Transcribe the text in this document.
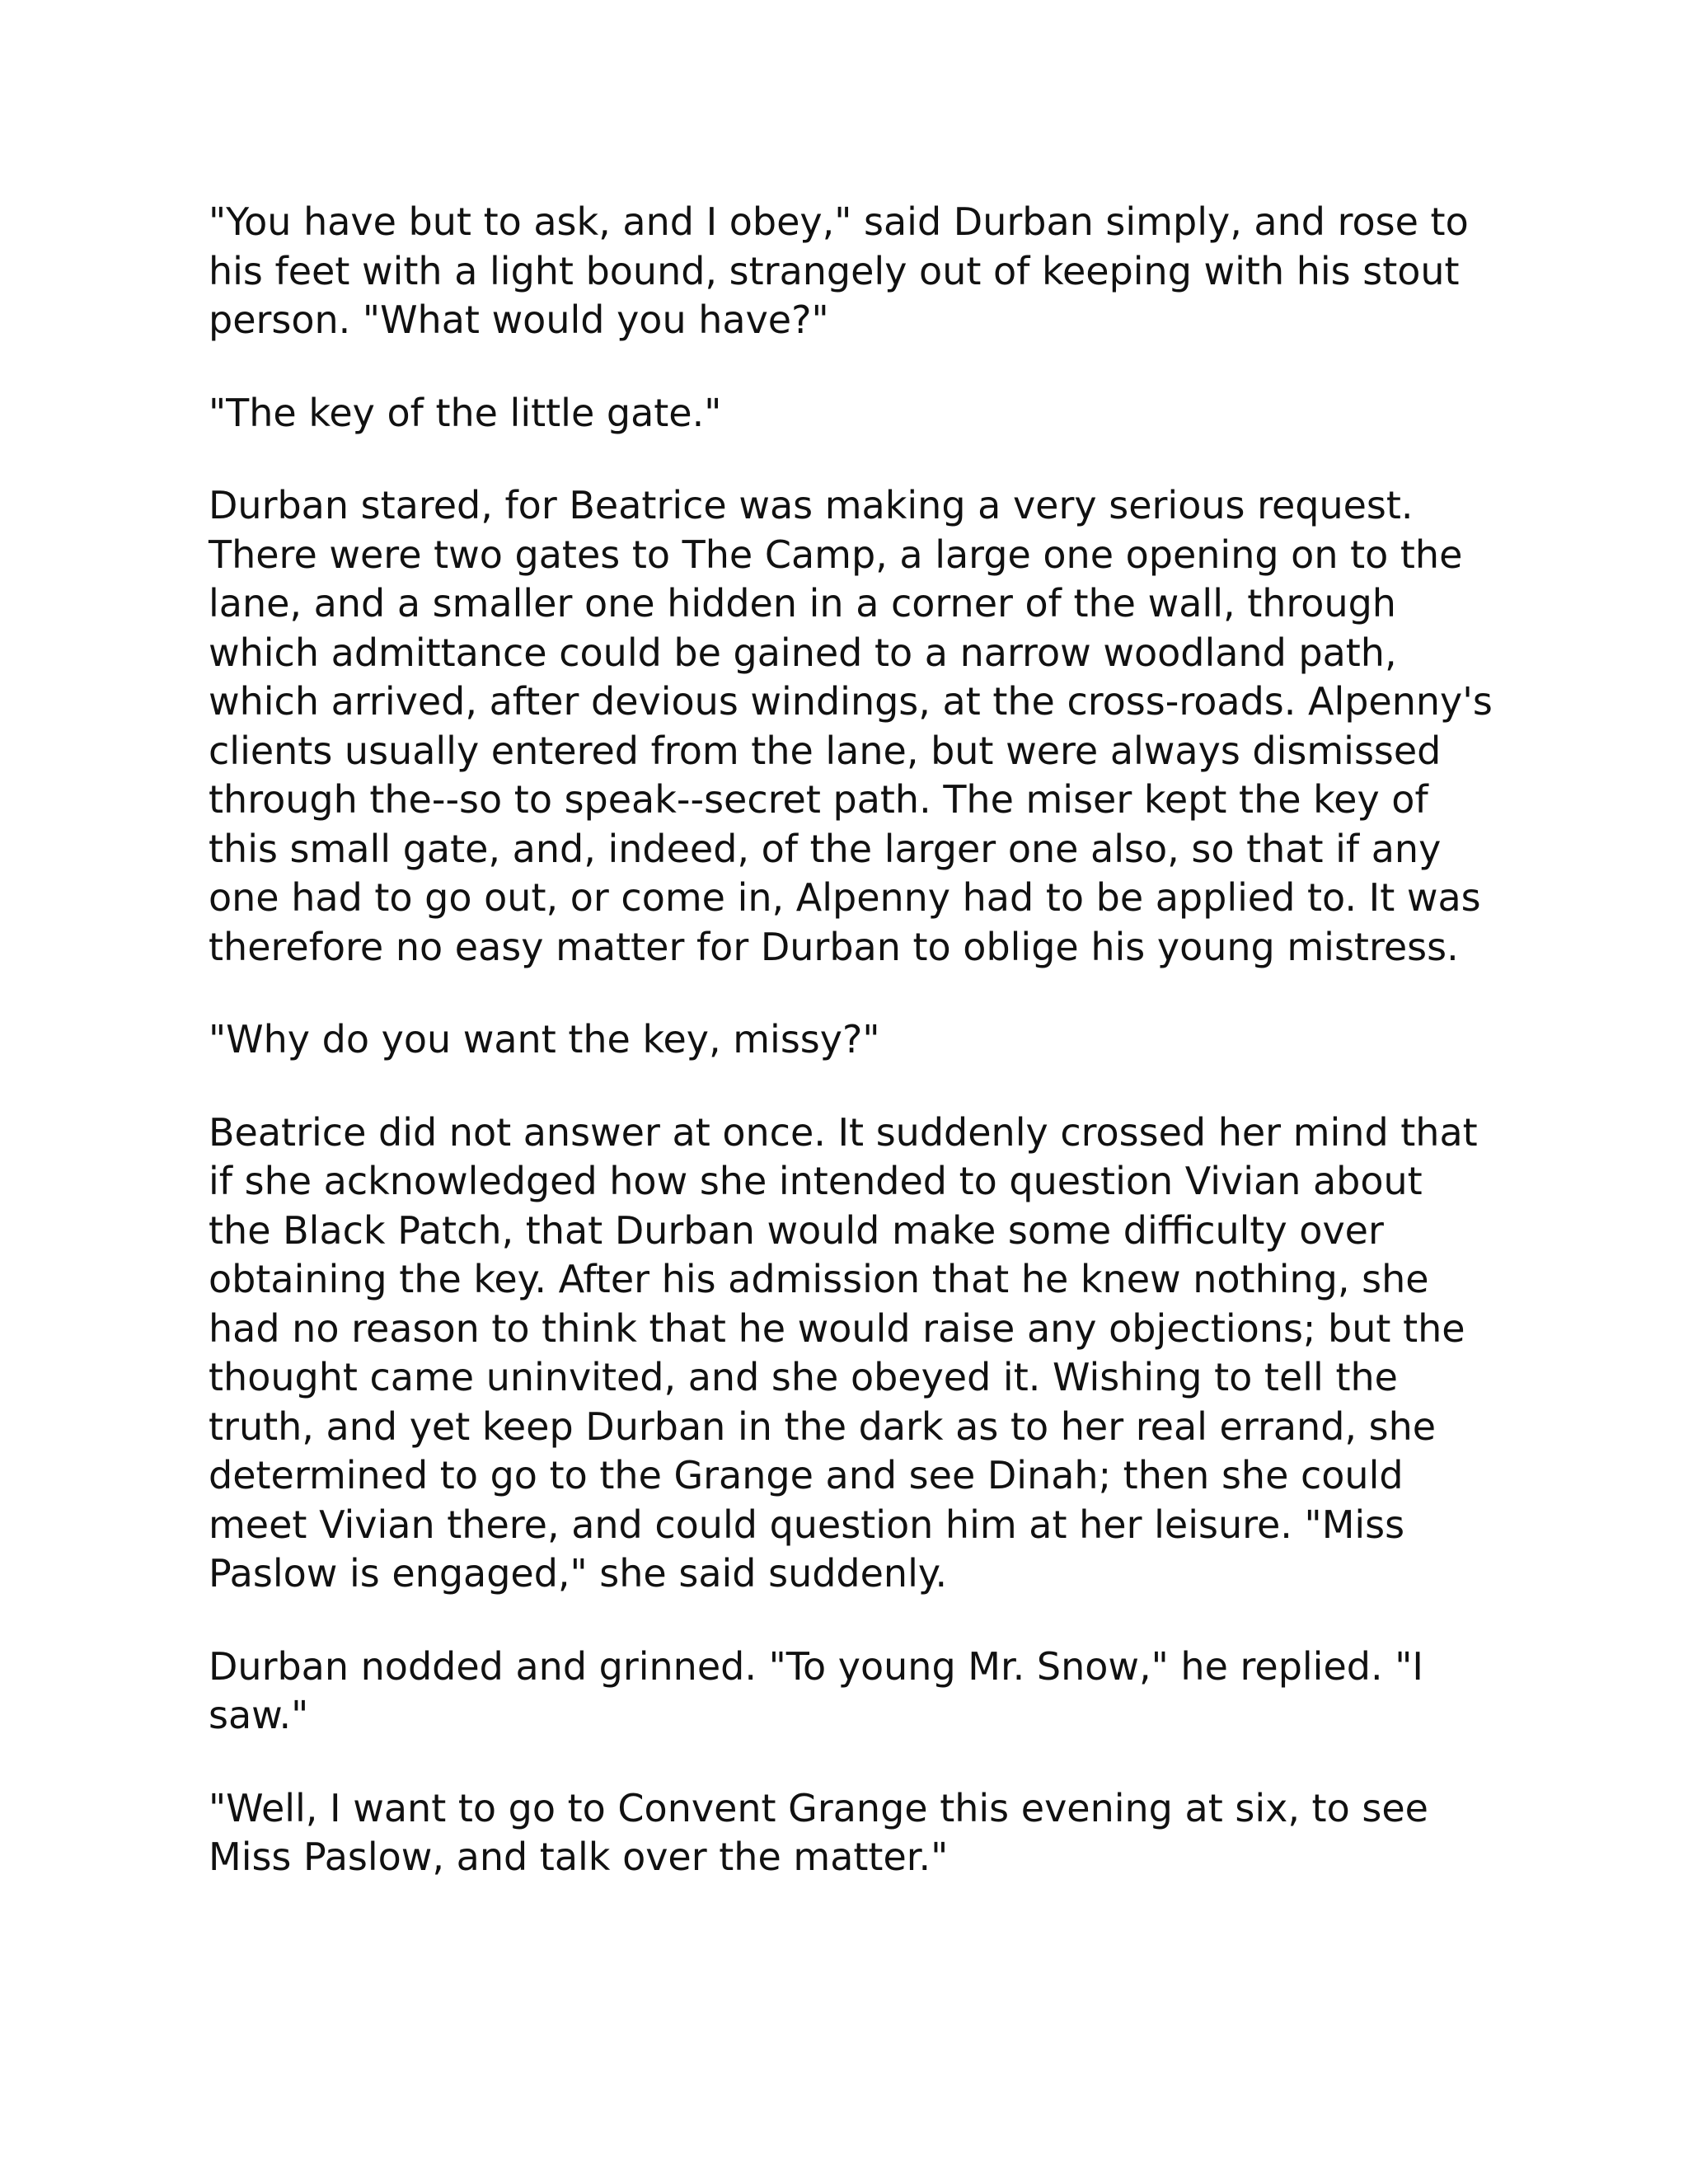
"You have but to ask, and I obey," said Durban simply, and rose to his feet with a light bound, strangely out of keeping with his stout person. "What would you have?"

"The key of the little gate."

Durban stared, for Beatrice was making a very serious request. There were two gates to The Camp, a large one opening on to the lane, and a smaller one hidden in a corner of the wall, through which admittance could be gained to a narrow woodland path, which arrived, after devious windings, at the cross-roads. Alpenny's clients usually entered from the lane, but were always dismissed through the--so to speak--secret path. The miser kept the key of this small gate, and, indeed, of the larger one also, so that if any one had to go out, or come in, Alpenny had to be applied to. It was therefore no easy matter for Durban to oblige his young mistress.

"Why do you want the key, missy?"

Beatrice did not answer at once. It suddenly crossed her mind that if she acknowledged how she intended to question Vivian about the Black Patch, that Durban would make some difficulty over obtaining the key. After his admission that he knew nothing, she had no reason to think that he would raise any objections; but the thought came uninvited, and she obeyed it. Wishing to tell the truth, and yet keep Durban in the dark as to her real errand, she determined to go to the Grange and see Dinah; then she could meet Vivian there, and could question him at her leisure. "Miss Paslow is engaged," she said suddenly.

Durban nodded and grinned. "To young Mr. Snow," he replied. "I saw."

"Well, I want to go to Convent Grange this evening at six, to see Miss Paslow, and talk over the matter."
